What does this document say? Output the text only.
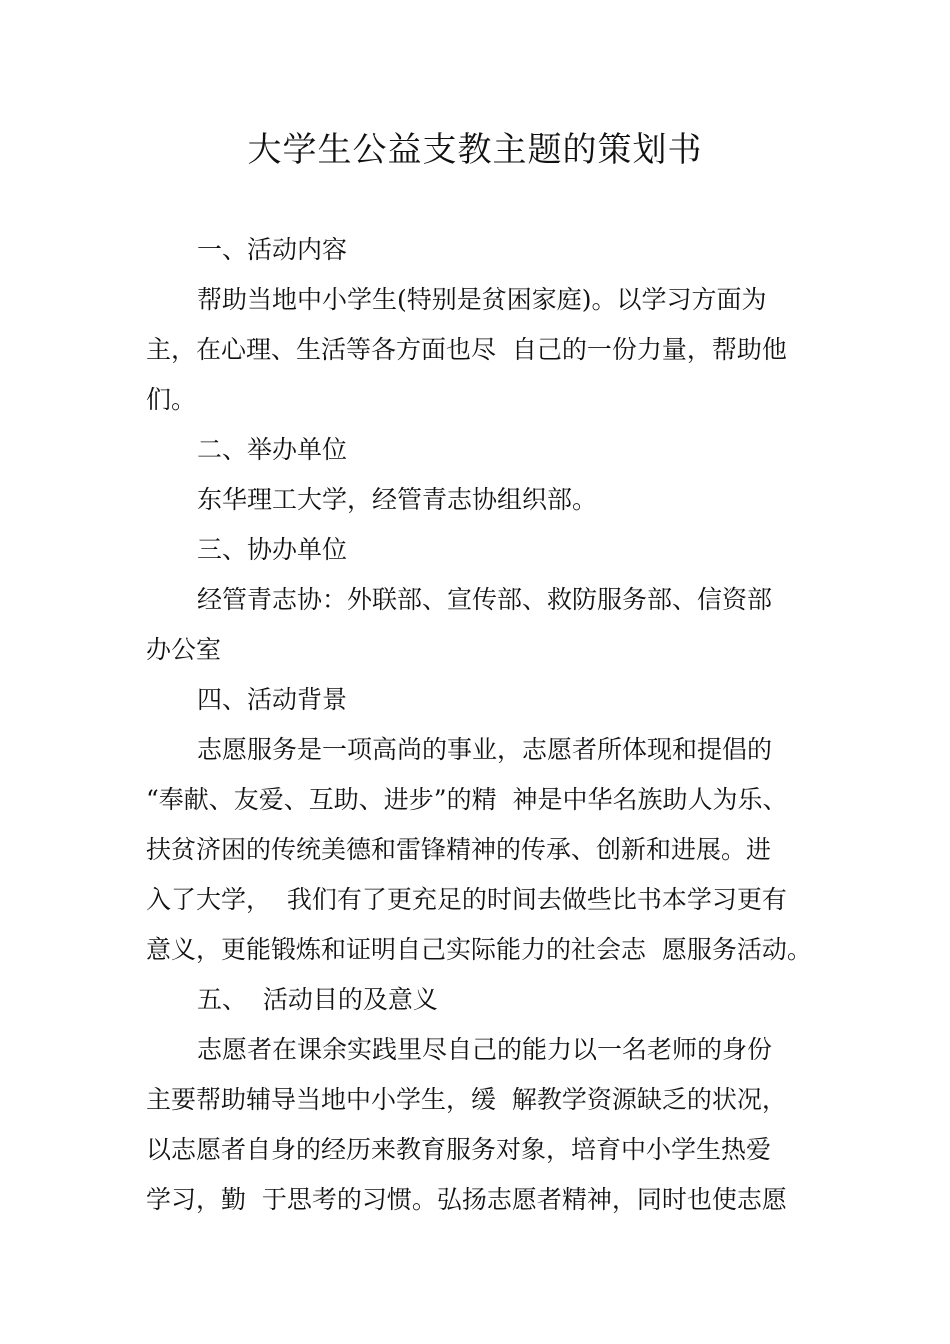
大学生公益支教主题的策划书

一、活动内容

帮助当地中小学生(特别是贫困家庭)。以学习方面为

主，在心理、生活等各方面也尽  自己的一份力量，帮助他

们。

二、举办单位

东华理工大学，经管青志协组织部。

三、协办单位

经管青志协：外联部、宣传部、救防服务部、信资部

办公室

四、活动背景

志愿服务是一项高尚的事业，志愿者所体现和提倡的

“奉献、友爱、互助、进步”的精  神是中华名族助人为乐、

扶贫济困的传统美德和雷锋精神的传承、创新和进展。进

入了大学，  我们有了更充足的时间去做些比书本学习更有

意义，更能锻炼和证明自己实际能力的社会志  愿服务活动。

五、  活动目的及意义

志愿者在课余实践里尽自己的能力以一名老师的身份

主要帮助辅导当地中小学生，缓  解教学资源缺乏的状况，

以志愿者自身的经历来教育服务对象，培育中小学生热爱

学习，勤  于思考的习惯。弘扬志愿者精神，同时也使志愿
